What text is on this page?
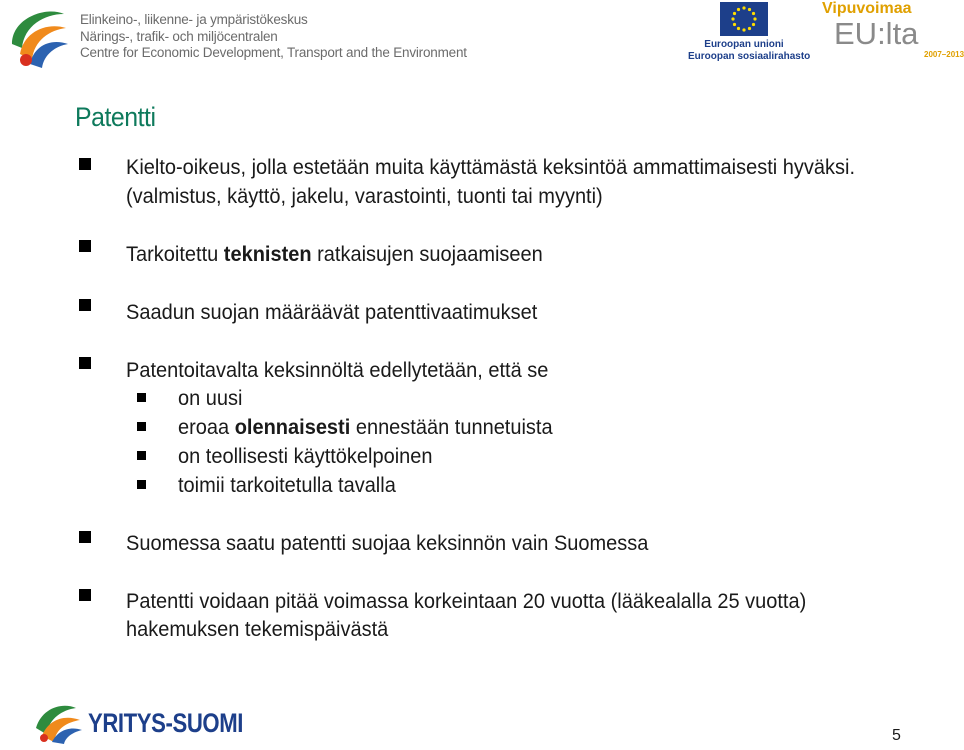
Elinkeino-, liikenne- ja ympäristökeskus
Närings-, trafik- och miljöcentralen
Centre for Economic Development, Transport and the Environment
Euroopan unioni
Euroopan sosiaalirahasto
Vipuvoimaa
EU:lta
2007–2013
Patentti
Kielto-oikeus, jolla estetään muita käyttämästä keksintöä ammattimaisesti hyväksi.
(valmistus, käyttö, jakelu, varastointi, tuonti tai myynti)
Tarkoitettu teknisten ratkaisujen suojaamiseen
Saadun suojan määräävät patenttivaatimukset
Patentoitavalta keksinnöltä edellytetään, että se
on uusi
eroaa olennaisesti ennestään tunnetuista
on teollisesti käyttökelpoinen
toimii tarkoitetulla tavalla
Suomessa saatu patentti suojaa keksinnön vain Suomessa
Patentti voidaan pitää voimassa korkeintaan 20 vuotta (lääkealalla 25 vuotta)
hakemuksen tekemispäivästä
YRITYS-SUOMI	5
